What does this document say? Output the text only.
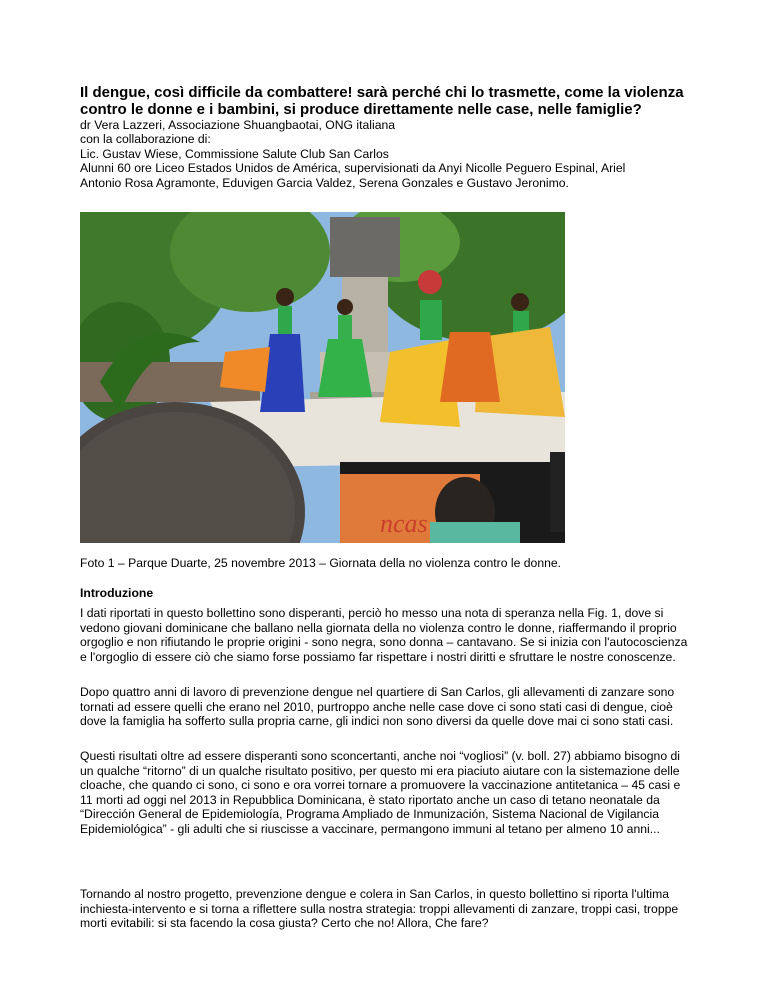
Il dengue, così difficile da combattere! sarà perché chi lo trasmette, come la violenza contro le donne e i bambini, si produce direttamente nelle case, nelle famiglie?
dr Vera Lazzeri, Associazione Shuangbaotai, ONG italiana
con la collaborazione di:
Lic. Gustav Wiese, Commissione Salute Club San Carlos
Alunni 60 ore Liceo Estados Unidos de América, supervisionati da Anyi Nicolle Peguero Espinal, Ariel
Antonio Rosa Agramonte, Eduvigen Garcia Valdez, Serena Gonzales e Gustavo Jeronimo.
ncas
Foto 1 – Parque Duarte, 25 novembre 2013 – Giornata della no violenza contro le donne.
Introduzione

I dati riportati in questo bollettino sono disperanti, perciò ho messo una nota di speranza nella Fig. 1, dove si vedono giovani dominicane che ballano nella giornata della no violenza contro le donne, riaffermando il proprio orgoglio e non rifiutando le proprie origini - sono negra, sono donna – cantavano. Se si inizia con l'autocoscienza e l'orgoglio di essere ciò che siamo forse possiamo far rispettare i nostri diritti e sfruttare le nostre conoscenze.

Dopo quattro anni di lavoro di prevenzione dengue nel quartiere di San Carlos, gli allevamenti di zanzare sono tornati ad essere quelli che erano nel 2010, purtroppo anche nelle case dove ci sono stati casi di dengue, cioè dove la famiglia ha sofferto sulla propria carne, gli indici non sono diversi da quelle dove mai ci sono stati casi.

Questi risultati oltre ad essere disperanti sono sconcertanti, anche noi “vogliosi” (v. boll. 27) abbiamo bisogno di un qualche “ritorno” di un qualche risultato positivo, per questo mi era piaciuto aiutare con la sistemazione delle cloache, che quando ci sono, ci sono e ora vorrei tornare a promuovere la vaccinazione antitetanica – 45 casi e 11 morti ad oggi nel 2013 in Repubblica Dominicana, è stato riportato anche un caso di tetano neonatale da “Dirección General de Epidemiología, Programa Ampliado de Inmunización, Sistema Nacional de Vigilancia Epidemiológica” - gli adulti che si riuscisse a vaccinare, permangono immuni al tetano per almeno 10 anni...

Tornando al nostro progetto, prevenzione dengue e colera in San Carlos, in questo bollettino si riporta l'ultima inchiesta-intervento e si torna a riflettere sulla nostra strategia: troppi allevamenti di zanzare, troppi casi, troppe morti evitabili: si sta facendo la cosa giusta? Certo che no! Allora, Che fare?
